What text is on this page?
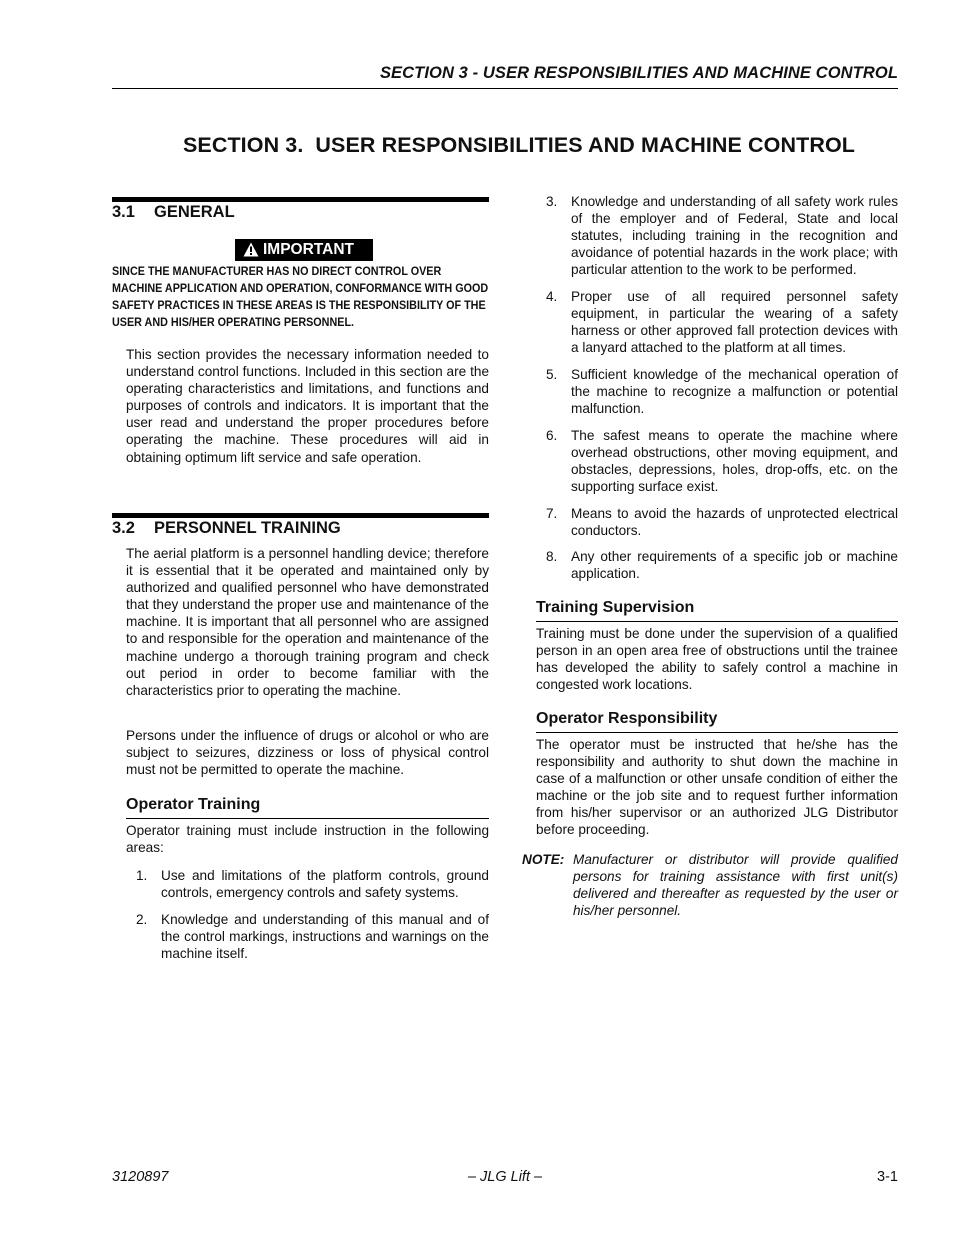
SECTION 3 - USER RESPONSIBILITIES AND MACHINE CONTROL
SECTION 3. USER RESPONSIBILITIES AND MACHINE CONTROL
3.1 GENERAL
IMPORTANT
SINCE THE MANUFACTURER HAS NO DIRECT CONTROL OVER MACHINE APPLICATION AND OPERATION, CONFORMANCE WITH GOOD SAFETY PRACTICES IN THESE AREAS IS THE RESPONSIBILITY OF THE USER AND HIS/HER OPERATING PERSONNEL.

This section provides the necessary information needed to understand control functions. Included in this section are the operating characteristics and limitations, and functions and purposes of controls and indicators. It is important that the user read and understand the proper procedures before operating the machine. These procedures will aid in obtaining optimum lift service and safe operation.

3.2 PERSONNEL TRAINING

The aerial platform is a personnel handling device; therefore it is essential that it be operated and maintained only by authorized and qualified personnel who have demonstrated that they understand the proper use and maintenance of the machine. It is important that all personnel who are assigned to and responsible for the operation and maintenance of the machine undergo a thorough training program and check out period in order to become familiar with the characteristics prior to operating the machine.

Persons under the influence of drugs or alcohol or who are subject to seizures, dizziness or loss of physical control must not be permitted to operate the machine.

Operator Training

Operator training must include instruction in the following areas:

1. Use and limitations of the platform controls, ground controls, emergency controls and safety systems.
2. Knowledge and understanding of this manual and of the control markings, instructions and warnings on the machine itself.
3. Knowledge and understanding of all safety work rules of the employer and of Federal, State and local statutes, including training in the recognition and avoidance of potential hazards in the work place; with particular attention to the work to be performed.
4. Proper use of all required personnel safety equipment, in particular the wearing of a safety harness or other approved fall protection devices with a lanyard attached to the platform at all times.
5. Sufficient knowledge of the mechanical operation of the machine to recognize a malfunction or potential malfunction.
6. The safest means to operate the machine where overhead obstructions, other moving equipment, and obstacles, depressions, holes, drop-offs, etc. on the supporting surface exist.
7. Means to avoid the hazards of unprotected electrical conductors.
8. Any other requirements of a specific job or machine application.
Training Supervision

Training must be done under the supervision of a qualified person in an open area free of obstructions until the trainee has developed the ability to safely control a machine in congested work locations.

Operator Responsibility

The operator must be instructed that he/she has the responsibility and authority to shut down the machine in case of a malfunction or other unsafe condition of either the machine or the job site and to request further information from his/her supervisor or an authorized JLG Distributor before proceeding.

NOTE: Manufacturer or distributor will provide qualified persons for training assistance with first unit(s) delivered and thereafter as requested by the user or his/her personnel.
3120897	– JLG Lift –	3-1
